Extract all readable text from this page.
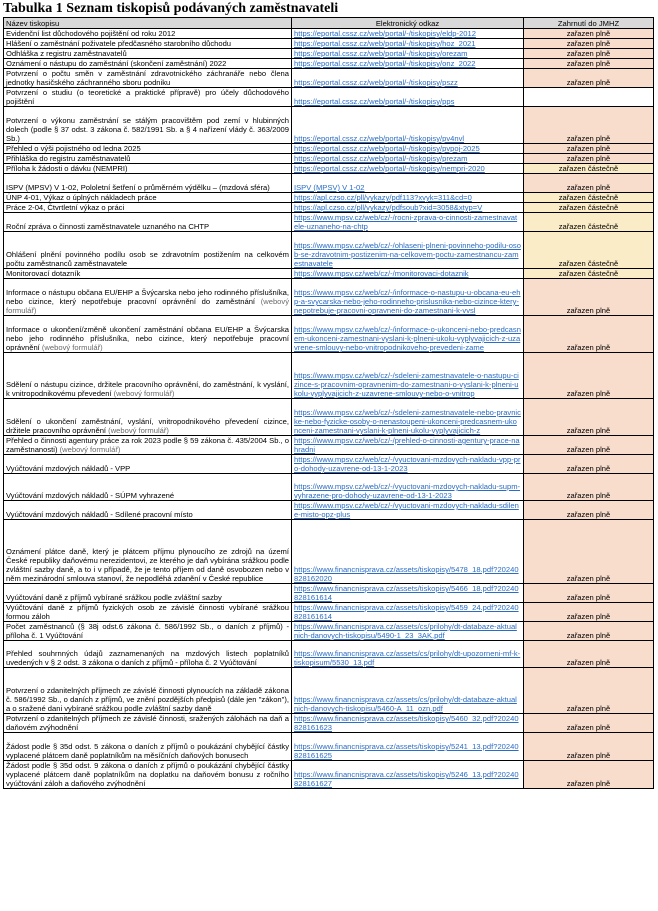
Tabulka 1 Seznam tiskopisů podávaných zaměstnavateli
Název tiskopisu	Elektronický odkaz	Zahrnutí do JMHZ
Evidenční list důchodového pojištění od roku 2012	https://eportal.cssz.cz/web/portal/-/tiskopisy/eldp-2012	zařazen plně
Hlášení o zaměstnání poživatele předčasného starobního důchodu	https://eportal.cssz.cz/web/portal/-/tiskopisy/hoz_2021	zařazen plně
Odhláška z registru zaměstnavatelů	https://eportal.cssz.cz/web/portal/-/tiskopisy/orezam	zařazen plně
Oznámení o nástupu do zaměstnání (skončení zaměstnání) 2022	https://eportal.cssz.cz/web/portal/-/tiskopisy/onz_2022	zařazen plně
Potvrzení o počtu směn v zaměstnání zdravotnického záchranáře nebo člena jednotky hasičského záchranného sboru podniku	https://eportal.cssz.cz/web/portal/-/tiskopisy/pszz	zařazen plně
Potvrzení o studiu (o teoretické a praktické přípravě) pro účely důchodového pojištění	https://eportal.cssz.cz/web/portal/-/tiskopisy/pps	
Potvrzení o výkonu zaměstnání se stálým pracovištěm pod zemí v hlubinných dolech (podle § 37 odst. 3 zákona č. 582/1991 Sb. a § 4 nařízení vlády č. 363/2009 Sb.)	https://eportal.cssz.cz/web/portal/-/tiskopisy/pv4nvl	zařazen plně
Přehled o výši pojistného od ledna 2025	https://eportal.cssz.cz/web/portal/-/tiskopisy/pvpoj-2025	zařazen plně
Přihláška do registru zaměstnavatelů	https://eportal.cssz.cz/web/portal/-/tiskopisy/prezam	zařazen plně
Příloha k žádosti o dávku (NEMPRI)	https://eportal.cssz.cz/web/portal/-/tiskopisy/nempri-2020	zařazen částečně
ISPV (MPSV) V 1-02, Pololetní šetření o průměrném výdělku – (mzdová sféra)	ISPV (MPSV) V 1-02	zařazen plně
ÚNP 4-01, Výkaz o úplných nákladech práce	https://apl.czso.cz/pll/vykazy/pdf113?xvyk=311&cd=0	zařazen částečně
Práce 2-04, Čtvrtletní výkaz o práci	https://apl.czso.cz/pll/vykazy/pdfsoub?xid=3058&xtyp=V	zařazen částečně
Roční zpráva o činnosti zaměstnavatele uznaného na CHTP	https://www.mpsv.cz/web/cz/-/rocni-zprava-o-cinnosti-zamestnavatele-uznaneho-na-chtp	zařazen částečně
Ohlášení plnění povinného podílu osob se zdravotním postižením na celkovém počtu zaměstnanců zaměstnavatele	https://www.mpsv.cz/web/cz/-/ohlaseni-plneni-povinneho-podilu-osob-se-zdravotnim-postizenim-na-celkovem-poctu-zamestnancu-zamestnavatele	zařazen částečně
Monitorovací dotazník	https://www.mpsv.cz/web/cz/-/monitorovaci-dotaznik	zařazen částečně
Informace o nástupu občana EU/EHP a Švýcarska nebo jeho rodinného příslušníka, nebo cizince, který nepotřebuje pracovní oprávnění do zaměstnání (webový formulář)	https://www.mpsv.cz/web/cz/-/informace-o-nastupu-u-obcana-eu-ehp-a-svycarska-nebo-jeho-rodinneho-prislusnika-nebo-cizince-ktery-nepotrebuje-pracovni-opravneni-do-zamestnani-k-vvsl	zařazen plně
Informace o ukončení/změně ukončení zaměstnání občana EU/EHP a Švýcarska nebo jeho rodinného příslušníka, nebo cizince, který nepotřebuje pracovní oprávnění (webový formulář)	https://www.mpsv.cz/web/cz/-/informace-o-ukonceni-nebo-predcasnem-ukonceni-zamestnani-vyslani-k-plneni-ukolu-vyplyvajicich-z-uzavrene-smlouvy-nebo-vnitropodnikoveho-prevedeni-zame	zařazen plně
Sdělení o nástupu cizince, držitele pracovního oprávnění, do zaměstnání, k vyslání, k vnitropodnikovému převedení (webový formulář)	https://www.mpsv.cz/web/cz/-/sdeleni-zamestnavatele-o-nastupu-cizince-s-pracovnim-opravnenim-do-zamestnani-o-vyslani-k-plneni-ukolu-vyplyvajicich-z-uzavrene-smlouvy-nebo-o-vnitrop	zařazen plně
Sdělení o ukončení zaměstnání, vyslání, vnitropodnikového převedení cizince, držitele pracovního oprávnění (webový formulář)	https://www.mpsv.cz/web/cz/-/sdeleni-zamestnavatele-nebo-pravnicke-nebo-fyzicke-osoby-o-nenastoupeni-ukonceni-predcasnem-ukonceni-zamestnani-vyslani-k-plneni-ukolu-vyplyvajicich-z	zařazen plně
Přehled o činnosti agentury práce za rok 2023 podle § 59 zákona č. 435/2004 Sb., o zaměstnanosti) (webový formulář)	https://www.mpsv.cz/web/cz/-/prehled-o-cinnosti-agentury-prace-nahradni	zařazen plně
Vyúčtování mzdových nákladů - VPP	https://www.mpsv.cz/web/cz/-/vyuctovani-mzdovych-nakladu-vpp-pro-dohody-uzavrene-od-13-1-2023	zařazen plně
Vyúčtování mzdových nákladů - SÚPM vyhrazené	https://www.mpsv.cz/web/cz/-/vyuctovani-mzdovych-nakladu-supm-vyhrazene-pro-dohody-uzavrene-od-13-1-2023	zařazen plně
Vyúčtování mzdových nákladů - Sdílené pracovní místo	https://www.mpsv.cz/web/cz/-/vyuctovani-mzdovych-nakladu-sdilene-misto-opz-plus	zařazen plně
Oznámení plátce daně, který je plátcem příjmu plynoucího ze zdrojů na území České republiky daňovému nerezidentovi, ze kterého je daň vybírána srážkou podle zvláštní sazby daně, a to i v případě, že je tento příjem od daně osvobozen nebo v něm mezinárodní smlouva stanoví, že nepodléhá zdanění v České republice	https://www.financnisprava.cz/assets/tiskopisy/5478_18.pdf?20240828162020	zařazen plně
Vyúčtování daně z příjmů vybírané srážkou podle zvláštní sazby	https://www.financnisprava.cz/assets/tiskopisy/5466_18.pdf?20240828161614	zařazen plně
Vyúčtování daně z příjmů fyzických osob ze závislé činnosti vybírané srážkou formou záloh	https://www.financnisprava.cz/assets/tiskopisy/5459_24.pdf?20240828161614	zařazen plně
Počet zaměstnanců (§ 38j odst.6 zákona č. 586/1992 Sb., o daních z příjmů) - příloha č. 1 Vyúčtování	https://www.financnisprava.cz/assets/cs/prilohy/dt-databaze-aktualnich-danovych-tiskopisu/5490-1_23_3AK.pdf	zařazen plně
Přehled souhrnných údajů zaznamenaných na mzdových listech poplatníků uvedených v § 2 odst. 3 zákona o daních z příjmů - příloha č. 2 Vyúčtování	https://www.financnisprava.cz/assets/cs/prilohy/dt-upozorneni-mf-k-tiskopisum/5530_13.pdf	zařazen plně
Potvrzení o zdanitelných příjmech ze závislé činnosti plynoucích na základě zákona č. 586/1992 Sb., o daních z příjmů, ve znění pozdějších předpisů (dále jen "zákon"), a o sražené dani vybírané srážkou podle zvláštní sazby daně	https://www.financnisprava.cz/assets/cs/prilohy/dt-databaze-aktualnich-danovych-tiskopisu/5460-A_11_ozn.pdf	zařazen plně
Potvrzení o zdanitelných příjmech ze závislé činnosti, sražených zálohách na daň a daňovém zvýhodnění	https://www.financnisprava.cz/assets/tiskopisy/5460_32.pdf?20240828161623	zařazen plně
Žádost podle § 35d odst. 5 zákona o daních z příjmů o poukázání chybějící částky vyplacené plátcem daně poplatníkům na měsíčních daňových bonusech	https://www.financnisprava.cz/assets/tiskopisy/5241_13.pdf?20240828161625	zařazen plně
Žádost podle § 35d odst. 9 zákona o daních z příjmů o poukázání chybějící částky vyplacené plátcem daně poplatníkům na doplatku na daňovém bonusu z ročního vyúčtování záloh a daňového zvýhodnění	https://www.financnisprava.cz/assets/tiskopisy/5246_13.pdf?20240828161627	zařazen plně
